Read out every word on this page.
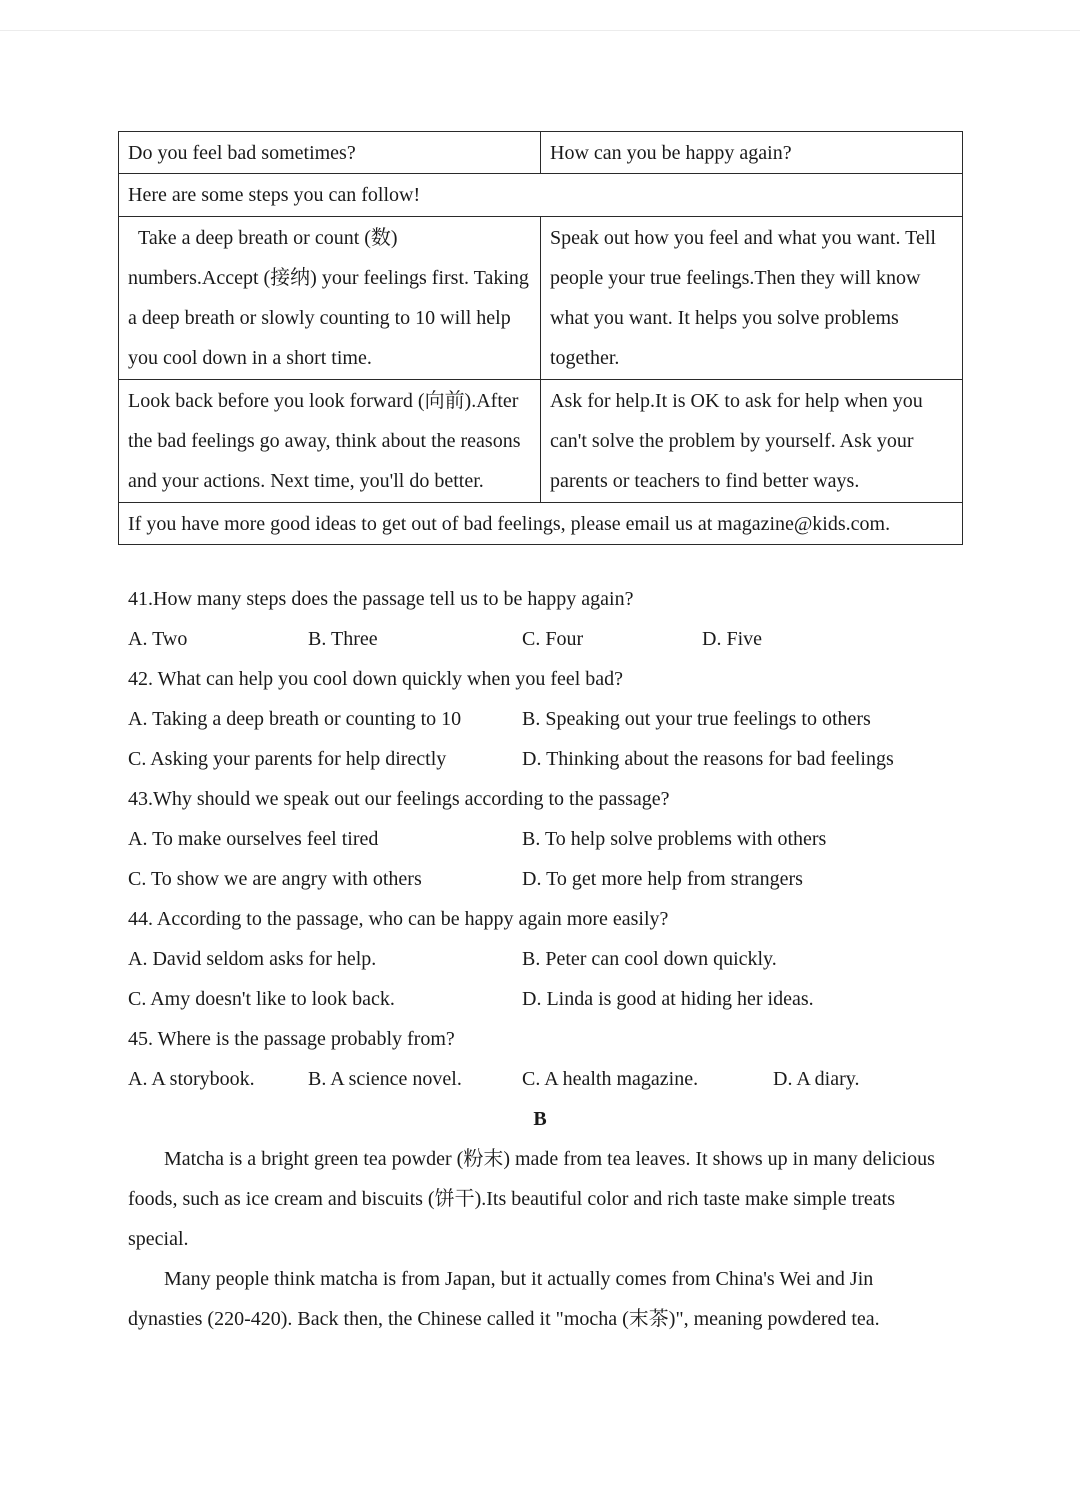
Do you feel bad sometimes?	How can you be happy again?
Here are some steps you can follow!	
Take a deep breath or count (数) numbers.Accept (接纳) your feelings first. Taking a deep breath or slowly counting to 10 will help you cool down in a short time.	Speak out how you feel and what you want. Tell people your true feelings.Then they will know what you want. It helps you solve problems together.
Look back before you look forward (向前).After the bad feelings go away, think about the reasons and your actions. Next time, you'll do better.	Ask for help.It is OK to ask for help when you can't solve the problem by yourself. Ask your parents or teachers to find better ways.
If you have more good ideas to get out of bad feelings, please email us at magazine@kids.com.	
41.How many steps does the passage tell us to be happy again?
A. Two	B. Three	C. Four	D. Five
42. What can help you cool down quickly when you feel bad?
A. Taking a deep breath or counting to 10	B. Speaking out your true feelings to others
C. Asking your parents for help directly	D. Thinking about the reasons for bad feelings
43.Why should we speak out our feelings according to the passage?
A. To make ourselves feel tired	B. To help solve problems with others
C. To show we are angry with others	D. To get more help from strangers
44. According to the passage, who can be happy again more easily?
A. David seldom asks for help.	B. Peter can cool down quickly.
C. Amy doesn't like to look back.	D. Linda is good at hiding her ideas.
45. Where is the passage probably from?
A. A storybook.	B. A science novel.	C. A health magazine.	D. A diary.
B
Matcha is a bright green tea powder (粉末) made from tea leaves. It shows up in many delicious foods, such as ice cream and biscuits (饼干).Its beautiful color and rich taste make simple treats special.
Many people think matcha is from Japan, but it actually comes from China's Wei and Jin dynasties (220-420). Back then, the Chinese called it "mocha (末茶)", meaning powdered tea.
